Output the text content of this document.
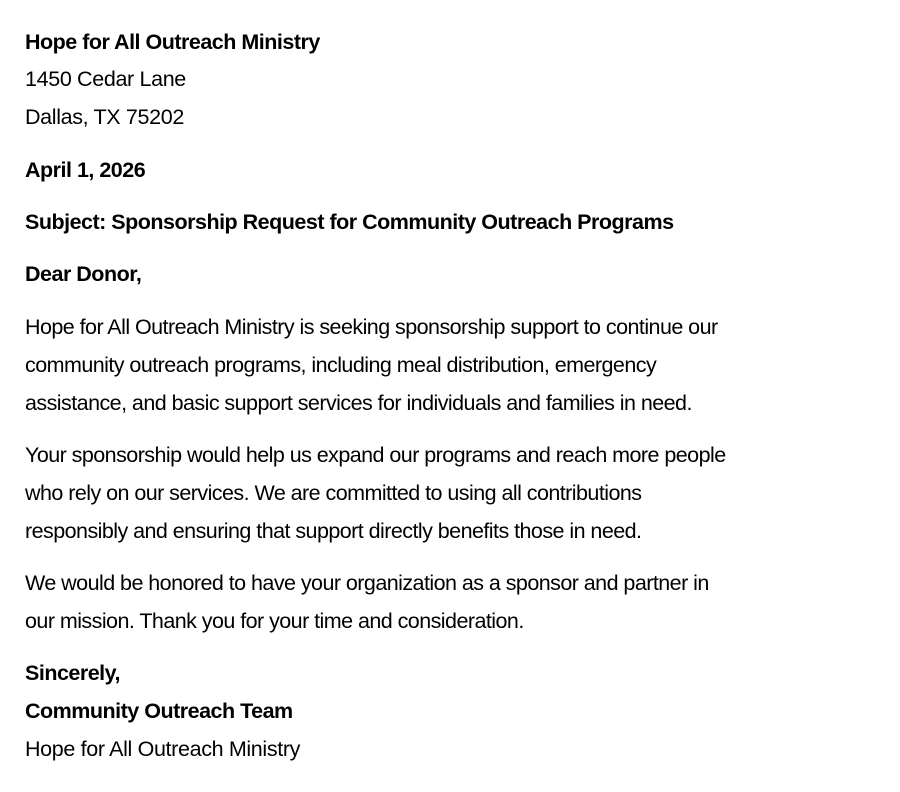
Hope for All Outreach Ministry
1450 Cedar Lane
Dallas, TX 75202
April 1, 2026
Subject: Sponsorship Request for Community Outreach Programs
Dear Donor,
Hope for All Outreach Ministry is seeking sponsorship support to continue our
community outreach programs, including meal distribution, emergency
assistance, and basic support services for individuals and families in need.
Your sponsorship would help us expand our programs and reach more people
who rely on our services. We are committed to using all contributions
responsibly and ensuring that support directly benefits those in need.
We would be honored to have your organization as a sponsor and partner in
our mission. Thank you for your time and consideration.
Sincerely,
Community Outreach Team
Hope for All Outreach Ministry
